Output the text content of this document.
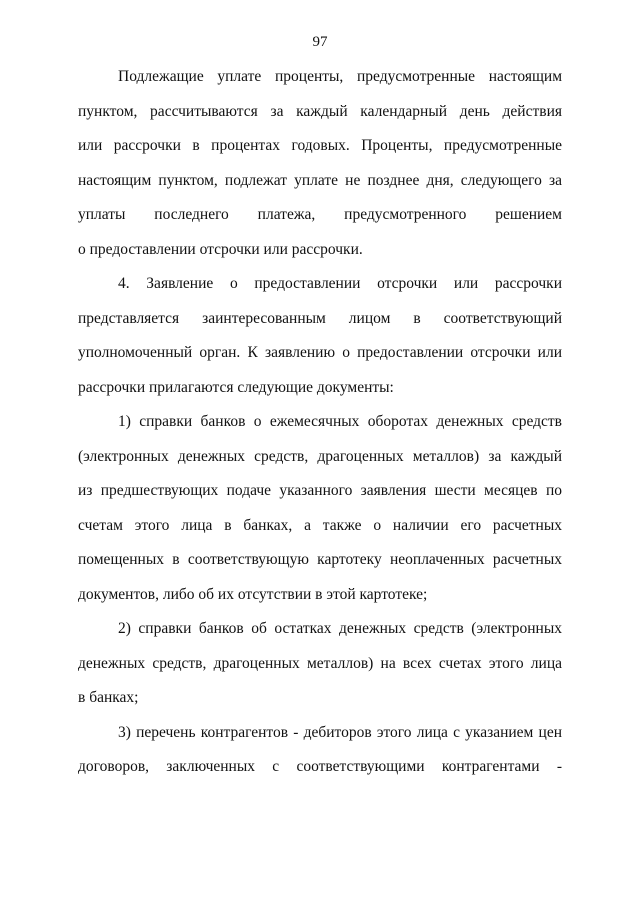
97
Подлежащие уплате проценты, предусмотренные настоящим
пунктом, рассчитываются за каждый календарный день действия
или рассрочки в процентах годовых. Проценты, предусмотренные
настоящим пунктом, подлежат уплате не позднее дня, следующего за
уплаты последнего платежа, предусмотренного решением
о предоставлении отсрочки или рассрочки.
4. Заявление о предоставлении отсрочки или рассрочки
представляется заинтересованным лицом в соответствующий
уполномоченный орган. К заявлению о предоставлении отсрочки или
рассрочки прилагаются следующие документы:
1) справки банков о ежемесячных оборотах денежных средств
(электронных денежных средств, драгоценных металлов) за каждый
из предшествующих подаче указанного заявления шести месяцев по
счетам этого лица в банках, а также о наличии его расчетных
помещенных в соответствующую картотеку неоплаченных расчетных
документов, либо об их отсутствии в этой картотеке;
2) справки банков об остатках денежных средств (электронных
денежных средств, драгоценных металлов) на всех счетах этого лица
в банках;
3) перечень контрагентов - дебиторов этого лица с указанием цен
договоров, заключенных с соответствующими контрагентами -
